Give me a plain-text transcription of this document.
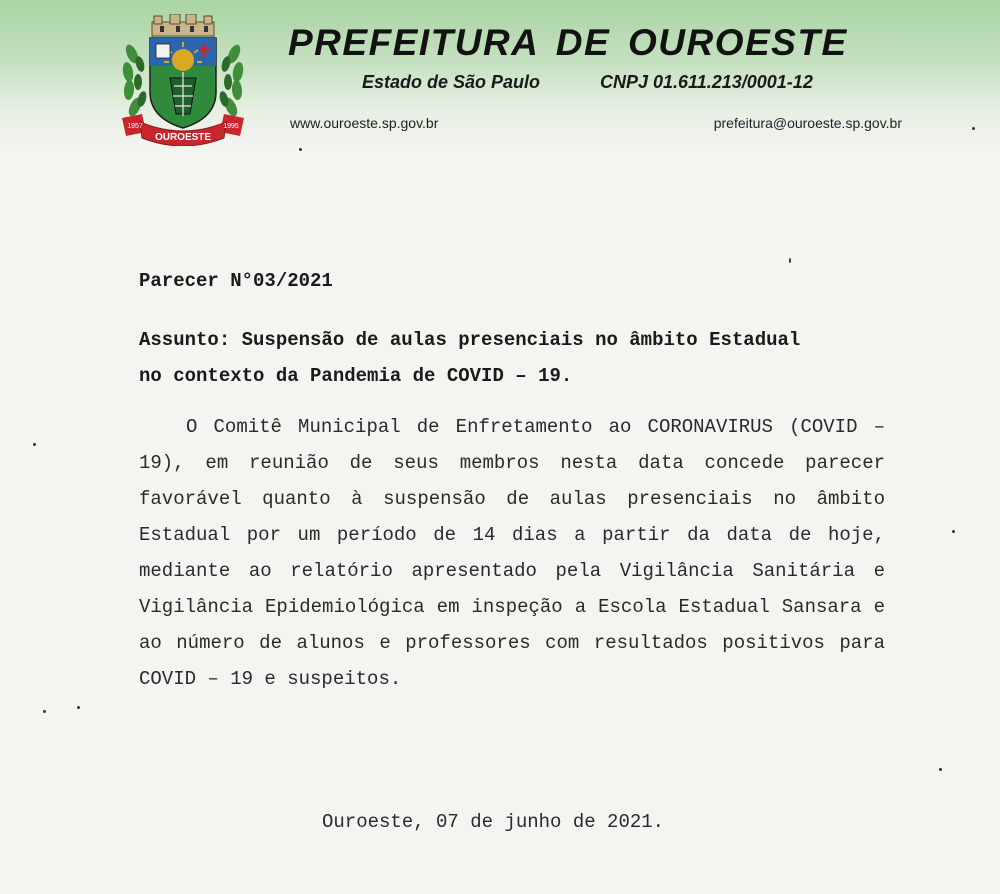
1957	1995
OUROESTE
PREFEITURA DE OUROESTE
Estado de São Paulo	CNPJ 01.611.213/0001-12
www.ouroeste.sp.gov.br	prefeitura@ouroeste.sp.gov.br
Parecer N°03/2021
Assunto: Suspensão de aulas presenciais no âmbito Estadual
no contexto da Pandemia de COVID – 19.

O Comitê Municipal de Enfretamento ao CORONAVIRUS (COVID – 19), em reunião de seus membros nesta data concede parecer favorável quanto à suspensão de aulas presenciais no âmbito Estadual por um período de 14 dias a partir da data de hoje, mediante ao relatório apresentado pela Vigilância Sanitária e Vigilância Epidemiológica em inspeção a Escola Estadual Sansara e ao número de alunos e professores com resultados positivos para COVID – 19 e suspeitos.

Ouroeste, 07 de junho de 2021.
